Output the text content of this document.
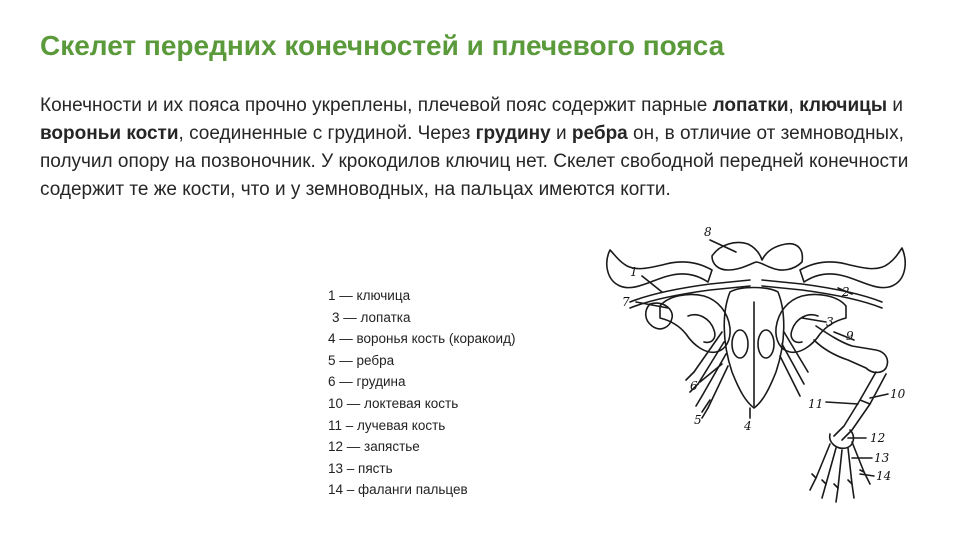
Скелет передних конечностей и плечевого пояса

Конечности и их пояса прочно укреплены, плечевой пояс содержит парные лопатки, ключицы и вороньи кости, соединенные с грудиной. Через грудину и ребра он, в отличие от земноводных, получил опору на позвоночник. У крокодилов ключиц нет. Скелет свободной передней конечности содержит те же кости, что и у земноводных, на пальцах имеются когти.

1 — ключица
3 — лопатка
4 — воронья кость (коракоид)
5 — ребра
6 — грудина
10 — локтевая кость
11 – лучевая кость
12 — запястье
13 – пясть
14 – фаланги пальцев
8
7
1
2
3
9
6
5	4
11
10
12
13
14
